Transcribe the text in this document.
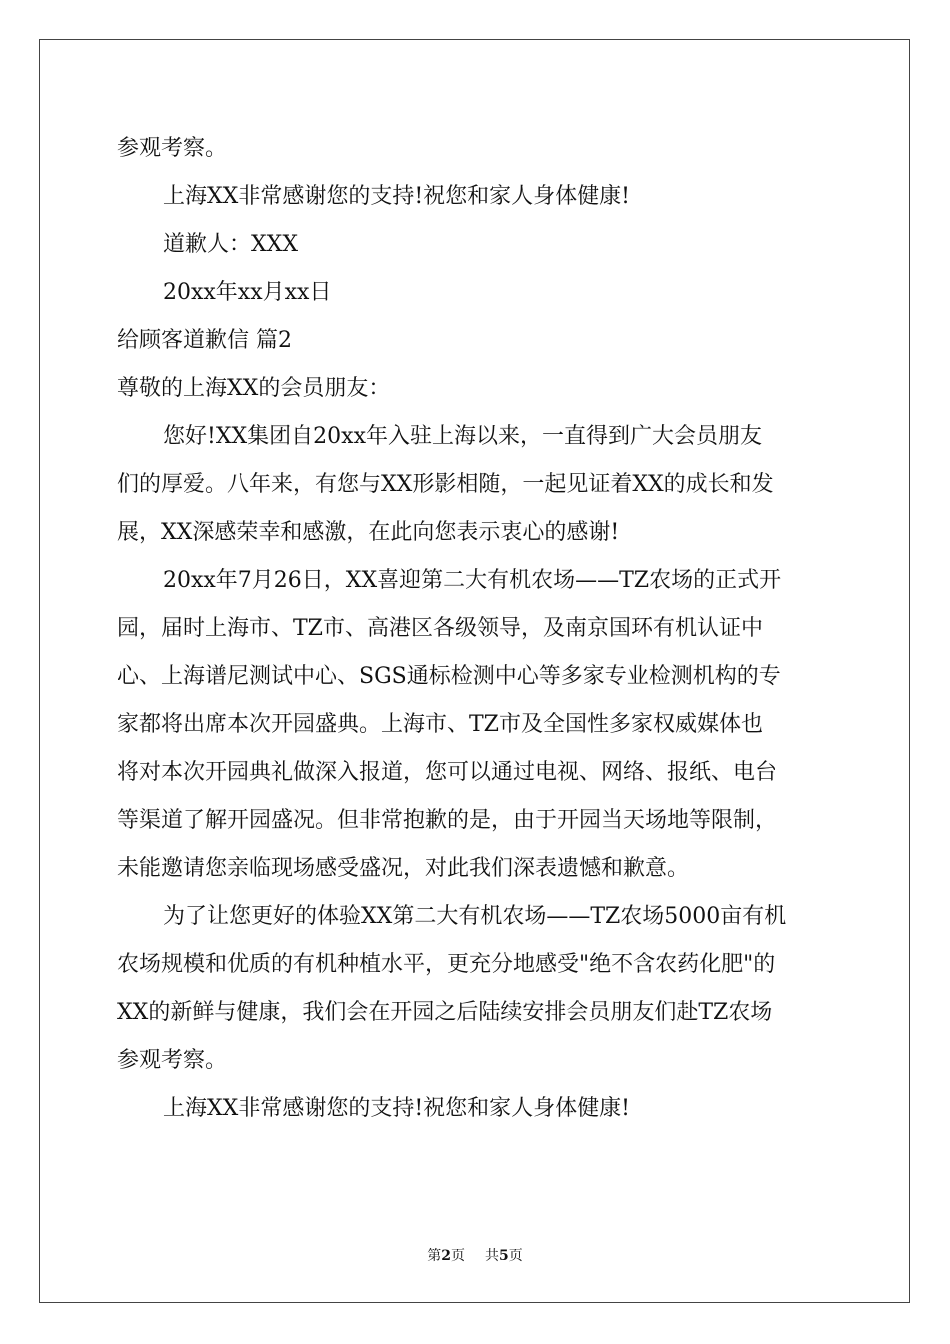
参观考察。
上海XX非常感谢您的支持!祝您和家人身体健康!
道歉人：XXX
20xx年xx月xx日
给顾客道歉信 篇2
尊敬的上海XX的会员朋友：
您好!XX集团自20xx年入驻上海以来，一直得到广大会员朋友
们的厚爱。八年来，有您与XX形影相随，一起见证着XX的成长和发
展，XX深感荣幸和感激，在此向您表示衷心的感谢!
20xx年7月26日，XX喜迎第二大有机农场——TZ农场的正式开
园，届时上海市、TZ市、高港区各级领导，及南京国环有机认证中
心、上海谱尼测试中心、SGS通标检测中心等多家专业检测机构的专
家都将出席本次开园盛典。上海市、TZ市及全国性多家权威媒体也
将对本次开园典礼做深入报道，您可以通过电视、网络、报纸、电台
等渠道了解开园盛况。但非常抱歉的是，由于开园当天场地等限制，
未能邀请您亲临现场感受盛况，对此我们深表遗憾和歉意。
为了让您更好的体验XX第二大有机农场——TZ农场5000亩有机
农场规模和优质的有机种植水平，更充分地感受"绝不含农药化肥"的
XX的新鲜与健康，我们会在开园之后陆续安排会员朋友们赴TZ农场
参观考察。
上海XX非常感谢您的支持!祝您和家人身体健康!
第2页 共5页
